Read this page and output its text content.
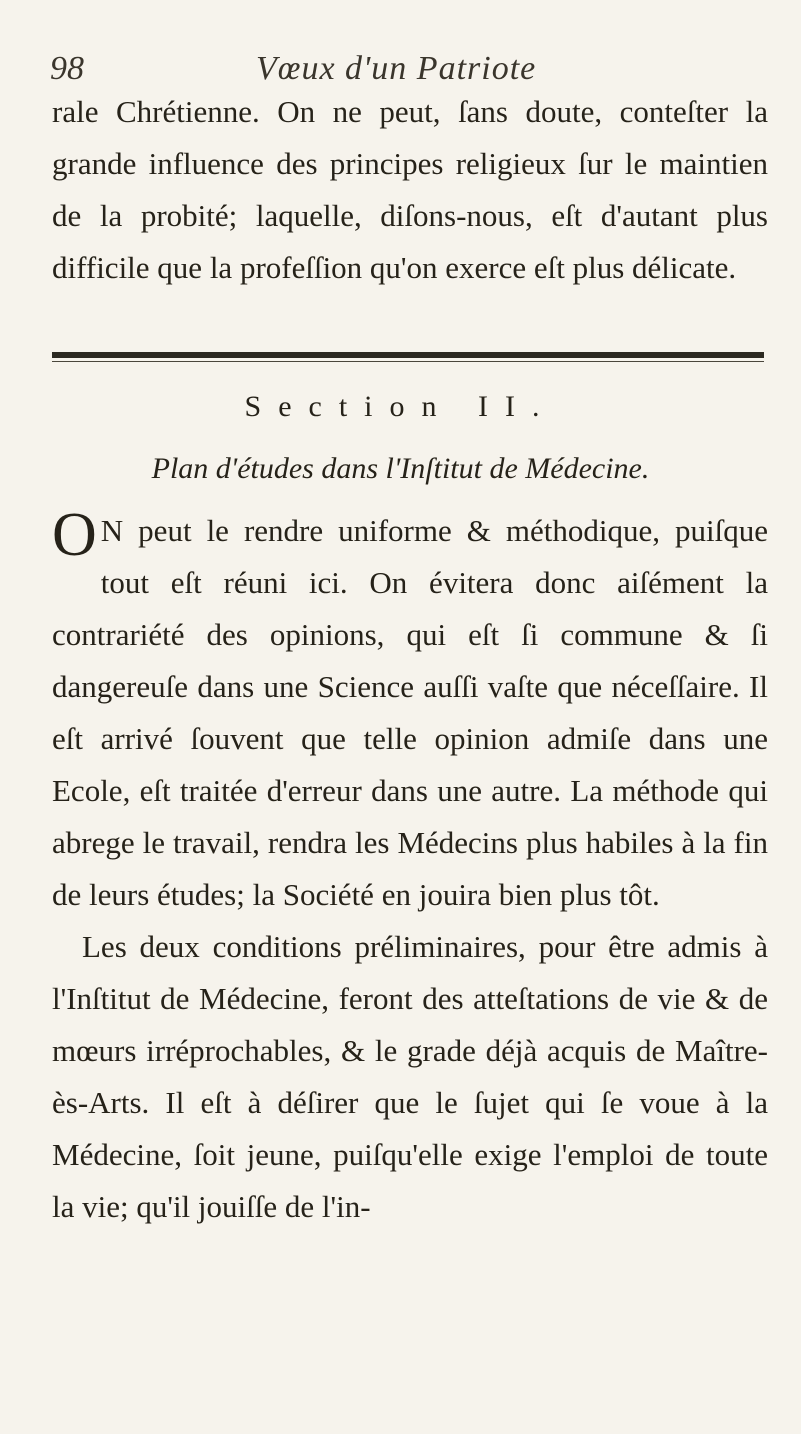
98	Vœux d'un Patriote

rale Chrétienne. On ne peut, ſans doute, conteſter la grande influence des principes religieux ſur le maintien de la probité; laquelle, diſons-nous, eſt d'autant plus difficile que la profeſſion qu'on exerce eſt plus délicate.

Section II.
Plan d'études dans l'Inſtitut de Médecine.

O N peut le rendre uniforme & méthodique, puiſque tout eſt réuni ici. On évitera donc aiſément la contrariété des opinions, qui eſt ſi commune & ſi dangereuſe dans une Science auſſi vaſte que néceſſaire. Il eſt arrivé ſouvent que telle opinion admiſe dans une Ecole, eſt traitée d'erreur dans une autre. La méthode qui abrege le travail, rendra les Médecins plus habiles à la fin de leurs études; la Société en jouira bien plus tôt.

Les deux conditions préliminaires, pour être admis à l'Inſtitut de Médecine, feront des atteſtations de vie & de mœurs irréprochables, & le grade déjà acquis de Maître-ès-Arts. Il eſt à déſirer que le ſujet qui ſe voue à la Médecine, ſoit jeune, puiſqu'elle exige l'emploi de toute la vie; qu'il jouiſſe de l'in-
